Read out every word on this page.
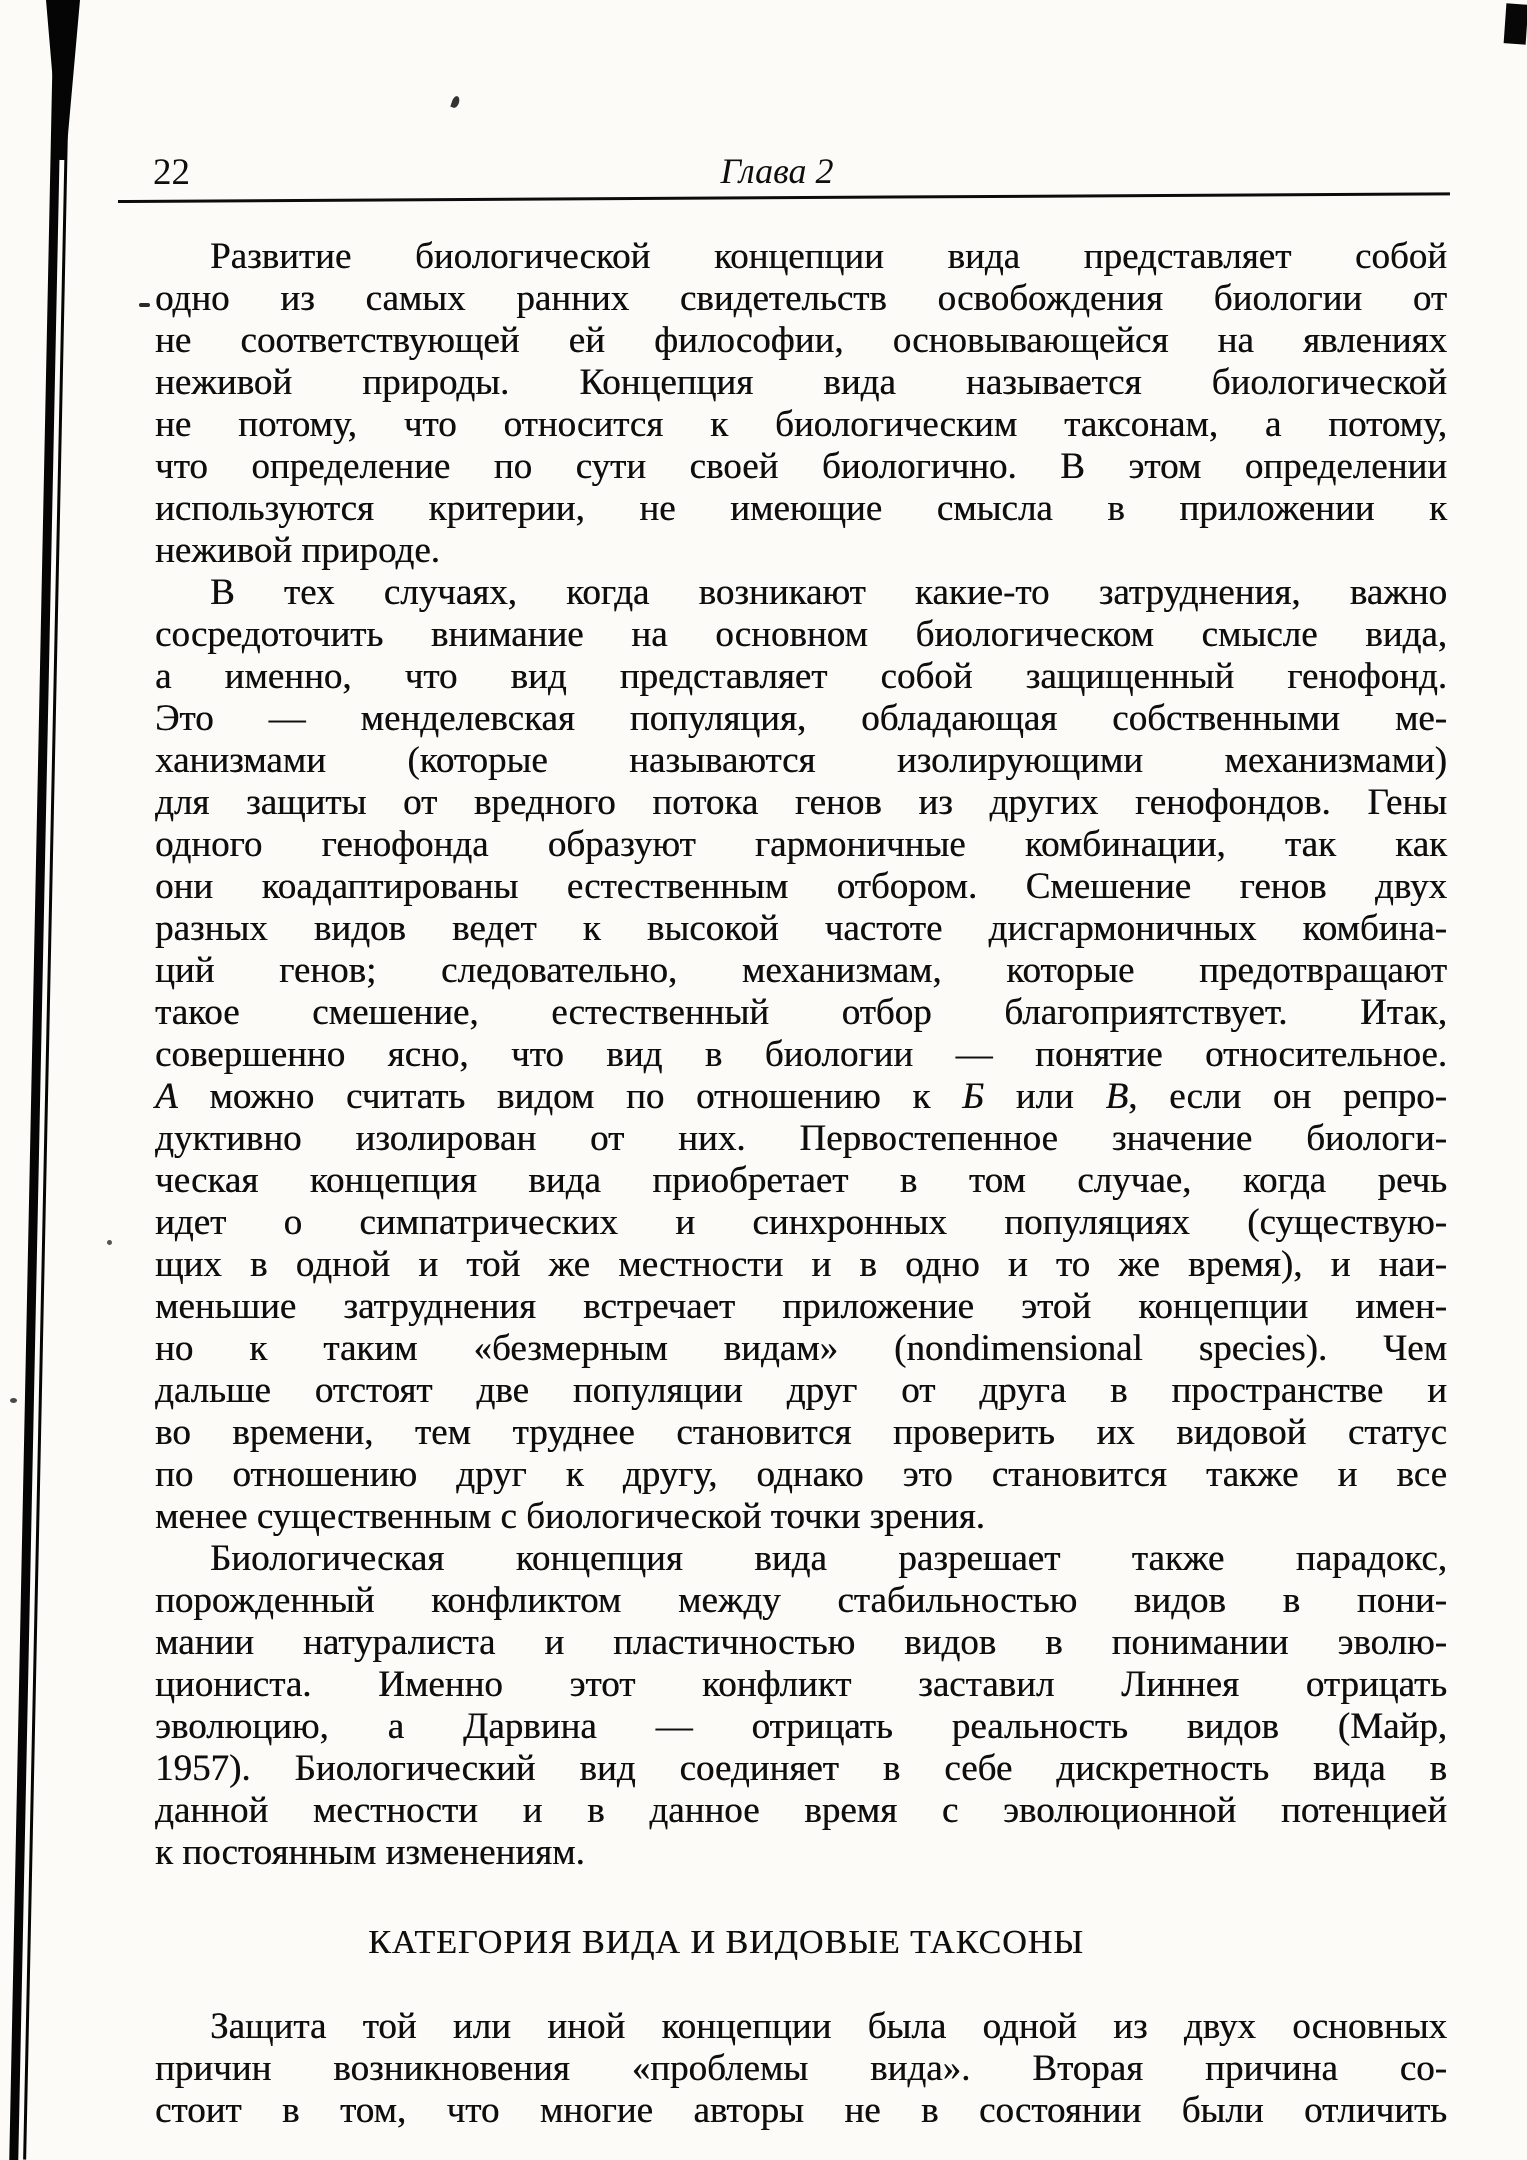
22	Глава 2
Развитие биологической концепции вида представляет собой
одно из самых ранних свидетельств освобождения биологии от
не соответствующей ей философии, основывающейся на явлениях
неживой природы. Концепция вида называется биологической
не потому, что относится к биологическим таксонам, а потому,
что определение по сути своей биологично. В этом определении
используются критерии, не имеющие смысла в приложении к
неживой природе.
В тех случаях, когда возникают какие-то затруднения, важно
сосредоточить внимание на основном биологическом смысле вида,
а именно, что вид представляет собой защищенный генофонд.
Это — менделевская популяция, обладающая собственными ме-
ханизмами (которые называются изолирующими механизмами)
для защиты от вредного потока генов из других генофондов. Гены
одного генофонда образуют гармоничные комбинации, так как
они коадаптированы естественным отбором. Смешение генов двух
разных видов ведет к высокой частоте дисгармоничных комбина-
ций генов; следовательно, механизмам, которые предотвращают
такое смешение, естественный отбор благоприятствует. Итак,
совершенно ясно, что вид в биологии — понятие относительное.
А можно считать видом по отношению к Б или В, если он репро-
дуктивно изолирован от них. Первостепенное значение биологи-
ческая концепция вида приобретает в том случае, когда речь
идет о симпатрических и синхронных популяциях (существую-
щих в одной и той же местности и в одно и то же время), и наи-
меньшие затруднения встречает приложение этой концепции имен-
но к таким «безмерным видам» (nondimensional species). Чем
дальше отстоят две популяции друг от друга в пространстве и
во времени, тем труднее становится проверить их видовой статус
по отношению друг к другу, однако это становится также и все
менее существенным с биологической точки зрения.
Биологическая концепция вида разрешает также парадокс,
порожденный конфликтом между стабильностью видов в пони-
мании натуралиста и пластичностью видов в понимании эволю-
циониста. Именно этот конфликт заставил Линнея отрицать
эволюцию, а Дарвина — отрицать реальность видов (Майр,
1957). Биологический вид соединяет в себе дискретность вида в
данной местности и в данное время с эволюционной потенцией
к постоянным изменениям.
КАТЕГОРИЯ ВИДА И ВИДОВЫЕ ТАКСОНЫ
Защита той или иной концепции была одной из двух основных
причин возникновения «проблемы вида». Вторая причина со-
стоит в том, что многие авторы не в состоянии были отличить
